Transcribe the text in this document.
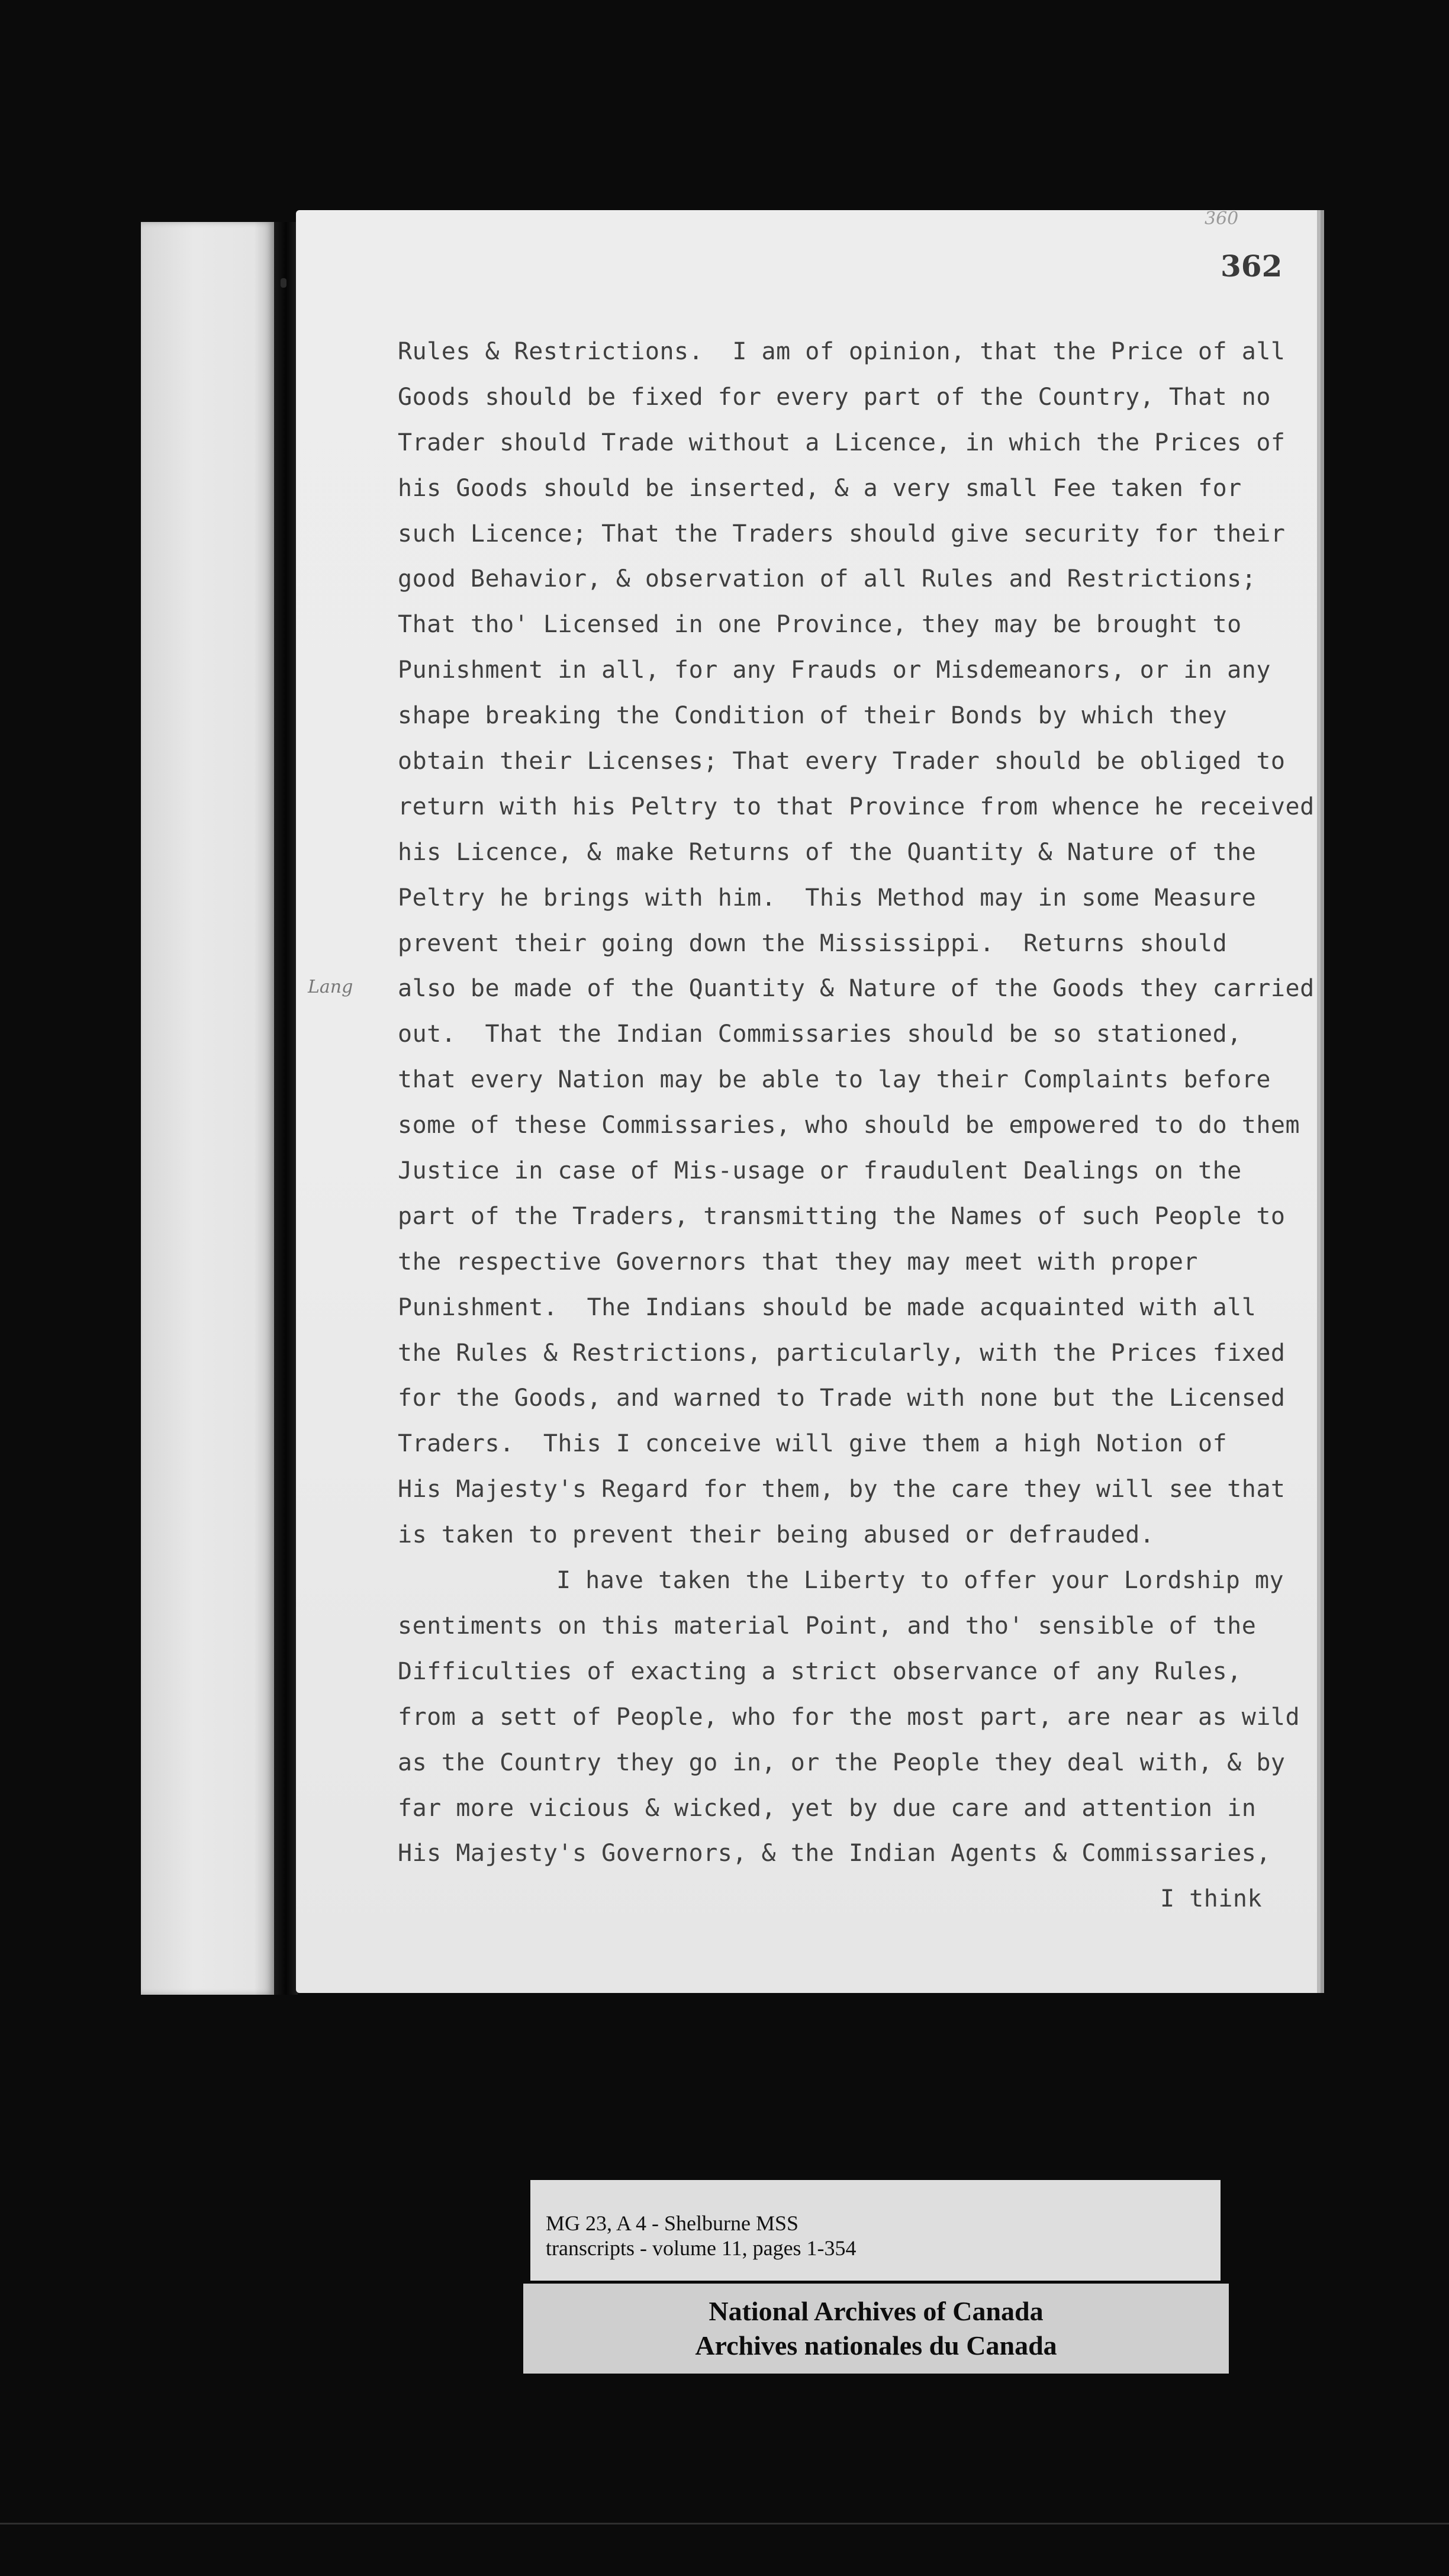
360
362
Lang
Rules & Restrictions.  I am of opinion, that the Price of all
Goods should be fixed for every part of the Country, That no
Trader should Trade without a Licence, in which the Prices of
his Goods should be inserted, & a very small Fee taken for
such Licence; That the Traders should give security for their
good Behavior, & observation of all Rules and Restrictions;
That tho' Licensed in one Province, they may be brought to
Punishment in all, for any Frauds or Misdemeanors, or in any
shape breaking the Condition of their Bonds by which they
obtain their Licenses; That every Trader should be obliged to
return with his Peltry to that Province from whence he received
his Licence, & make Returns of the Quantity & Nature of the
Peltry he brings with him.  This Method may in some Measure
prevent their going down the Mississippi.  Returns should
also be made of the Quantity & Nature of the Goods they carried
out.  That the Indian Commissaries should be so stationed,
that every Nation may be able to lay their Complaints before
some of these Commissaries, who should be empowered to do them
Justice in case of Mis-usage or fraudulent Dealings on the
part of the Traders, transmitting the Names of such People to
the respective Governors that they may meet with proper
Punishment.  The Indians should be made acquainted with all
the Rules & Restrictions, particularly, with the Prices fixed
for the Goods, and warned to Trade with none but the Licensed
Traders.  This I conceive will give them a high Notion of
His Majesty's Regard for them, by the care they will see that
is taken to prevent their being abused or defrauded.
I have taken the Liberty to offer your Lordship my
sentiments on this material Point, and tho' sensible of the
Difficulties of exacting a strict observance of any Rules,
from a sett of People, who for the most part, are near as wild
as the Country they go in, or the People they deal with, & by
far more vicious & wicked, yet by due care and attention in
His Majesty's Governors, & the Indian Agents & Commissaries,
I think
MG 23, A 4 - Shelburne MSS
transcripts - volume 11, pages 1-354
National Archives of Canada
Archives nationales du Canada
